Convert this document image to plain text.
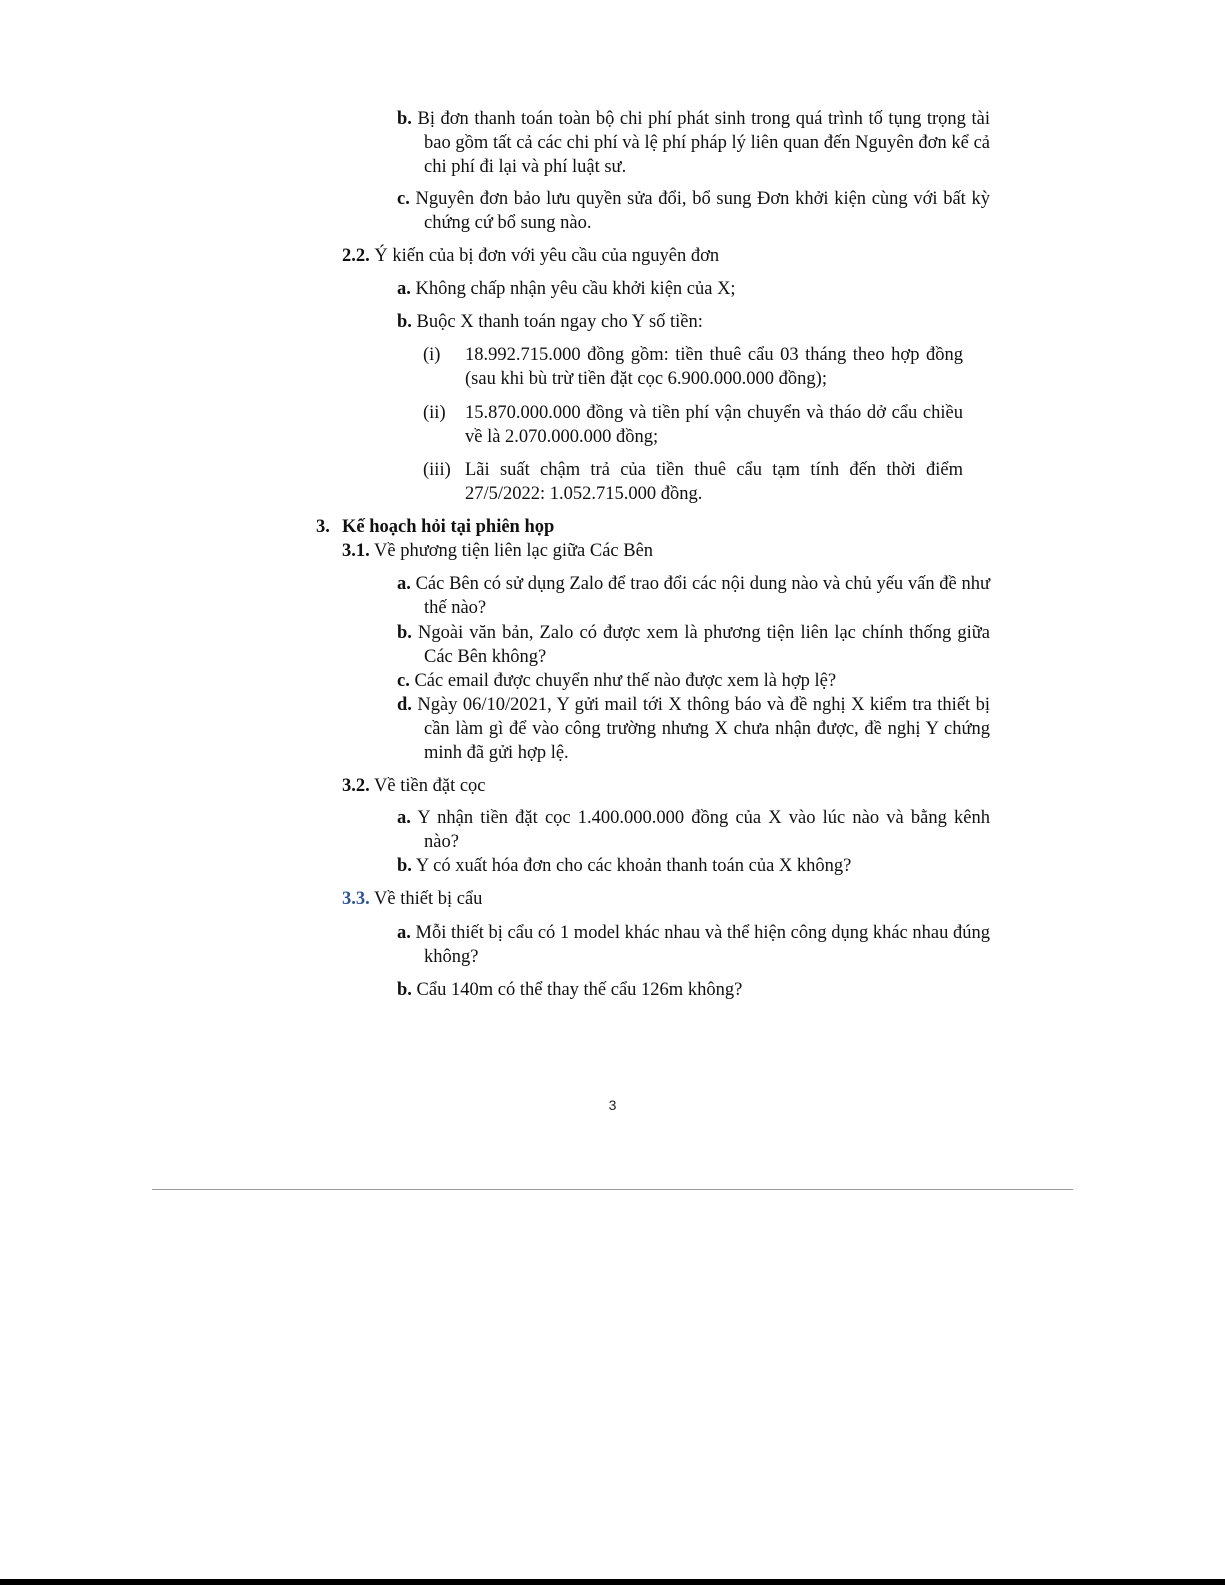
b. Bị đơn thanh toán toàn bộ chi phí phát sinh trong quá trình tố tụng trọng tài bao gồm tất cả các chi phí và lệ phí pháp lý liên quan đến Nguyên đơn kể cả chi phí đi lại và phí luật sư.
c. Nguyên đơn bảo lưu quyền sửa đổi, bổ sung Đơn khởi kiện cùng với bất kỳ chứng cứ bổ sung nào.
2.2. Ý kiến của bị đơn với yêu cầu của nguyên đơn
a. Không chấp nhận yêu cầu khởi kiện của X;
b. Buộc X thanh toán ngay cho Y số tiền:
(i)	18.992.715.000 đồng gồm: tiền thuê cẩu 03 tháng theo hợp đồng (sau khi bù trừ tiền đặt cọc 6.900.000.000 đồng);
(ii)	15.870.000.000 đồng và tiền phí vận chuyển và tháo dở cẩu chiều về là 2.070.000.000 đồng;
(iii) Lãi suất chậm trả của tiền thuê cẩu tạm tính đến thời điểm 27/5/2022: 1.052.715.000 đồng.
3. Kế hoạch hỏi tại phiên họp
3.1. Về phương tiện liên lạc giữa Các Bên
a. Các Bên có sử dụng Zalo để trao đổi các nội dung nào và chủ yếu vấn đề như thế nào?
b. Ngoài văn bản, Zalo có được xem là phương tiện liên lạc chính thống giữa Các Bên không?
c. Các email được chuyển như thế nào được xem là hợp lệ?
d. Ngày 06/10/2021, Y gửi mail tới X thông báo và đề nghị X kiểm tra thiết bị cần làm gì để vào công trường nhưng X chưa nhận được, đề nghị Y chứng minh đã gửi hợp lệ.
3.2. Về tiền đặt cọc
a. Y nhận tiền đặt cọc 1.400.000.000 đồng của X vào lúc nào và bằng kênh nào?
b. Y có xuất hóa đơn cho các khoản thanh toán của X không?
3.3. Về thiết bị cẩu
a. Mỗi thiết bị cẩu có 1 model khác nhau và thể hiện công dụng khác nhau đúng không?
b. Cẩu 140m có thể thay thế cẩu 126m không?
3
